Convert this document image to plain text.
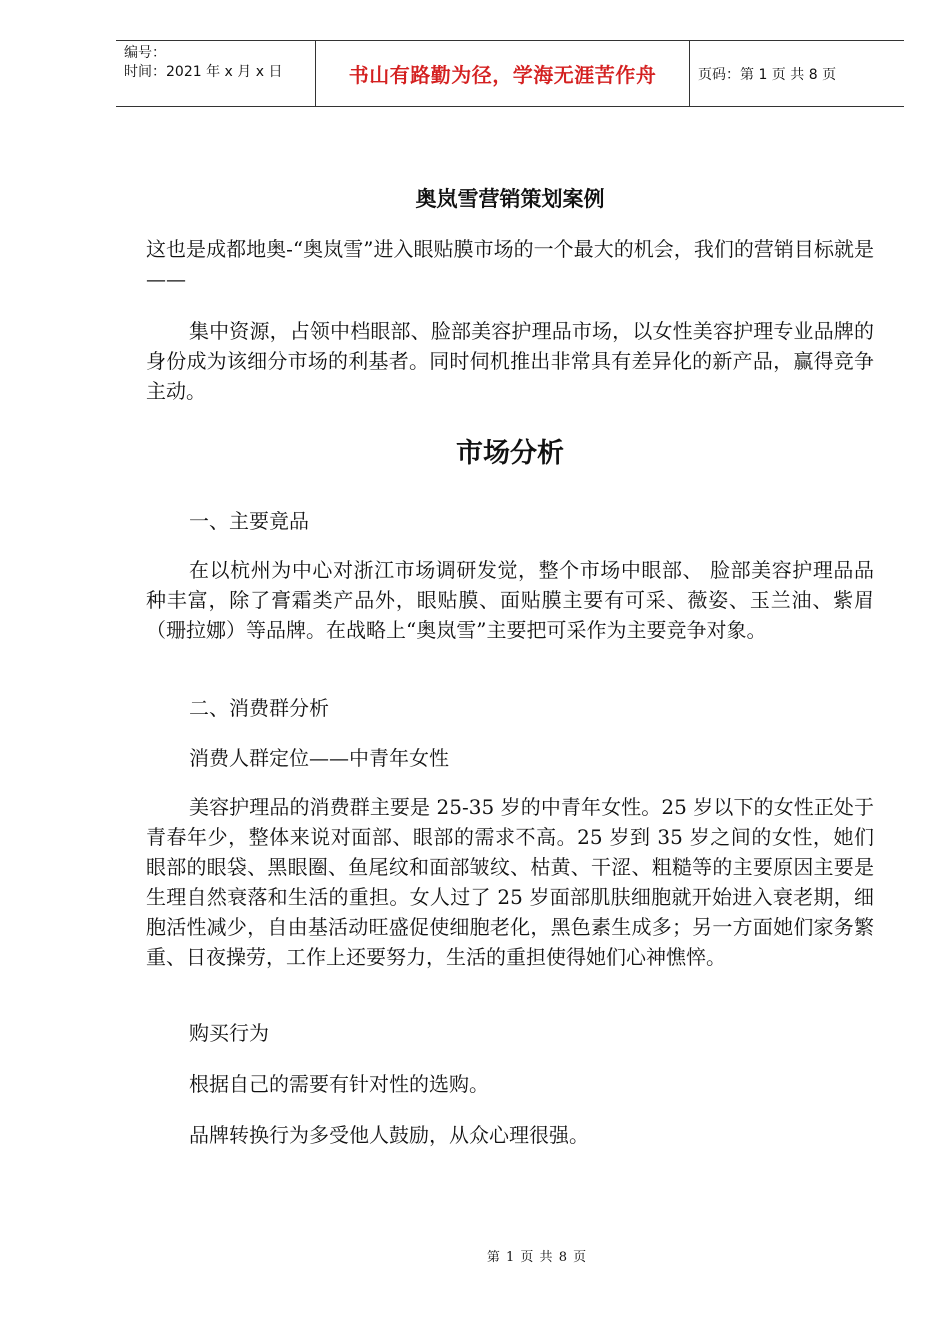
编号：
时间：2021 年 x 月 x 日	书山有路勤为径，学海无涯苦作舟	页码：第 1 页 共 8 页
奥岚雪营销策划案例

这也是成都地奥-“奥岚雪”进入眼贴膜市场的一个最大的机会，我们的营销目标就是——

集中资源，占领中档眼部、脸部美容护理品市场，以女性美容护理专业品牌的身份成为该细分市场的利基者。同时伺机推出非常具有差异化的新产品，赢得竞争主动。

市场分析

一、主要竟品

在以杭州为中心对浙江市场调研发觉，整个市场中眼部、 脸部美容护理品品种丰富，除了膏霜类产品外，眼贴膜、面贴膜主要有可采、薇姿、玉兰油、紫眉（珊拉娜）等品牌。在战略上“奥岚雪”主要把可采作为主要竞争对象。

二、消费群分析

消费人群定位——中青年女性

美容护理品的消费群主要是 25-35 岁的中青年女性。25 岁以下的女性正处于青春年少，整体来说对面部、眼部的需求不高。25 岁到 35 岁之间的女性，她们眼部的眼袋、黑眼圈、鱼尾纹和面部皱纹、枯黄、干涩、粗糙等的主要原因主要是生理自然衰落和生活的重担。女人过了 25 岁面部肌肤细胞就开始进入衰老期，细胞活性减少，自由基活动旺盛促使细胞老化，黑色素生成多；另一方面她们家务繁重、日夜操劳，工作上还要努力，生活的重担使得她们心神憔悴。

购买行为

根据自己的需要有针对性的选购。

品牌转换行为多受他人鼓励，从众心理很强。

第 1 页 共 8 页
